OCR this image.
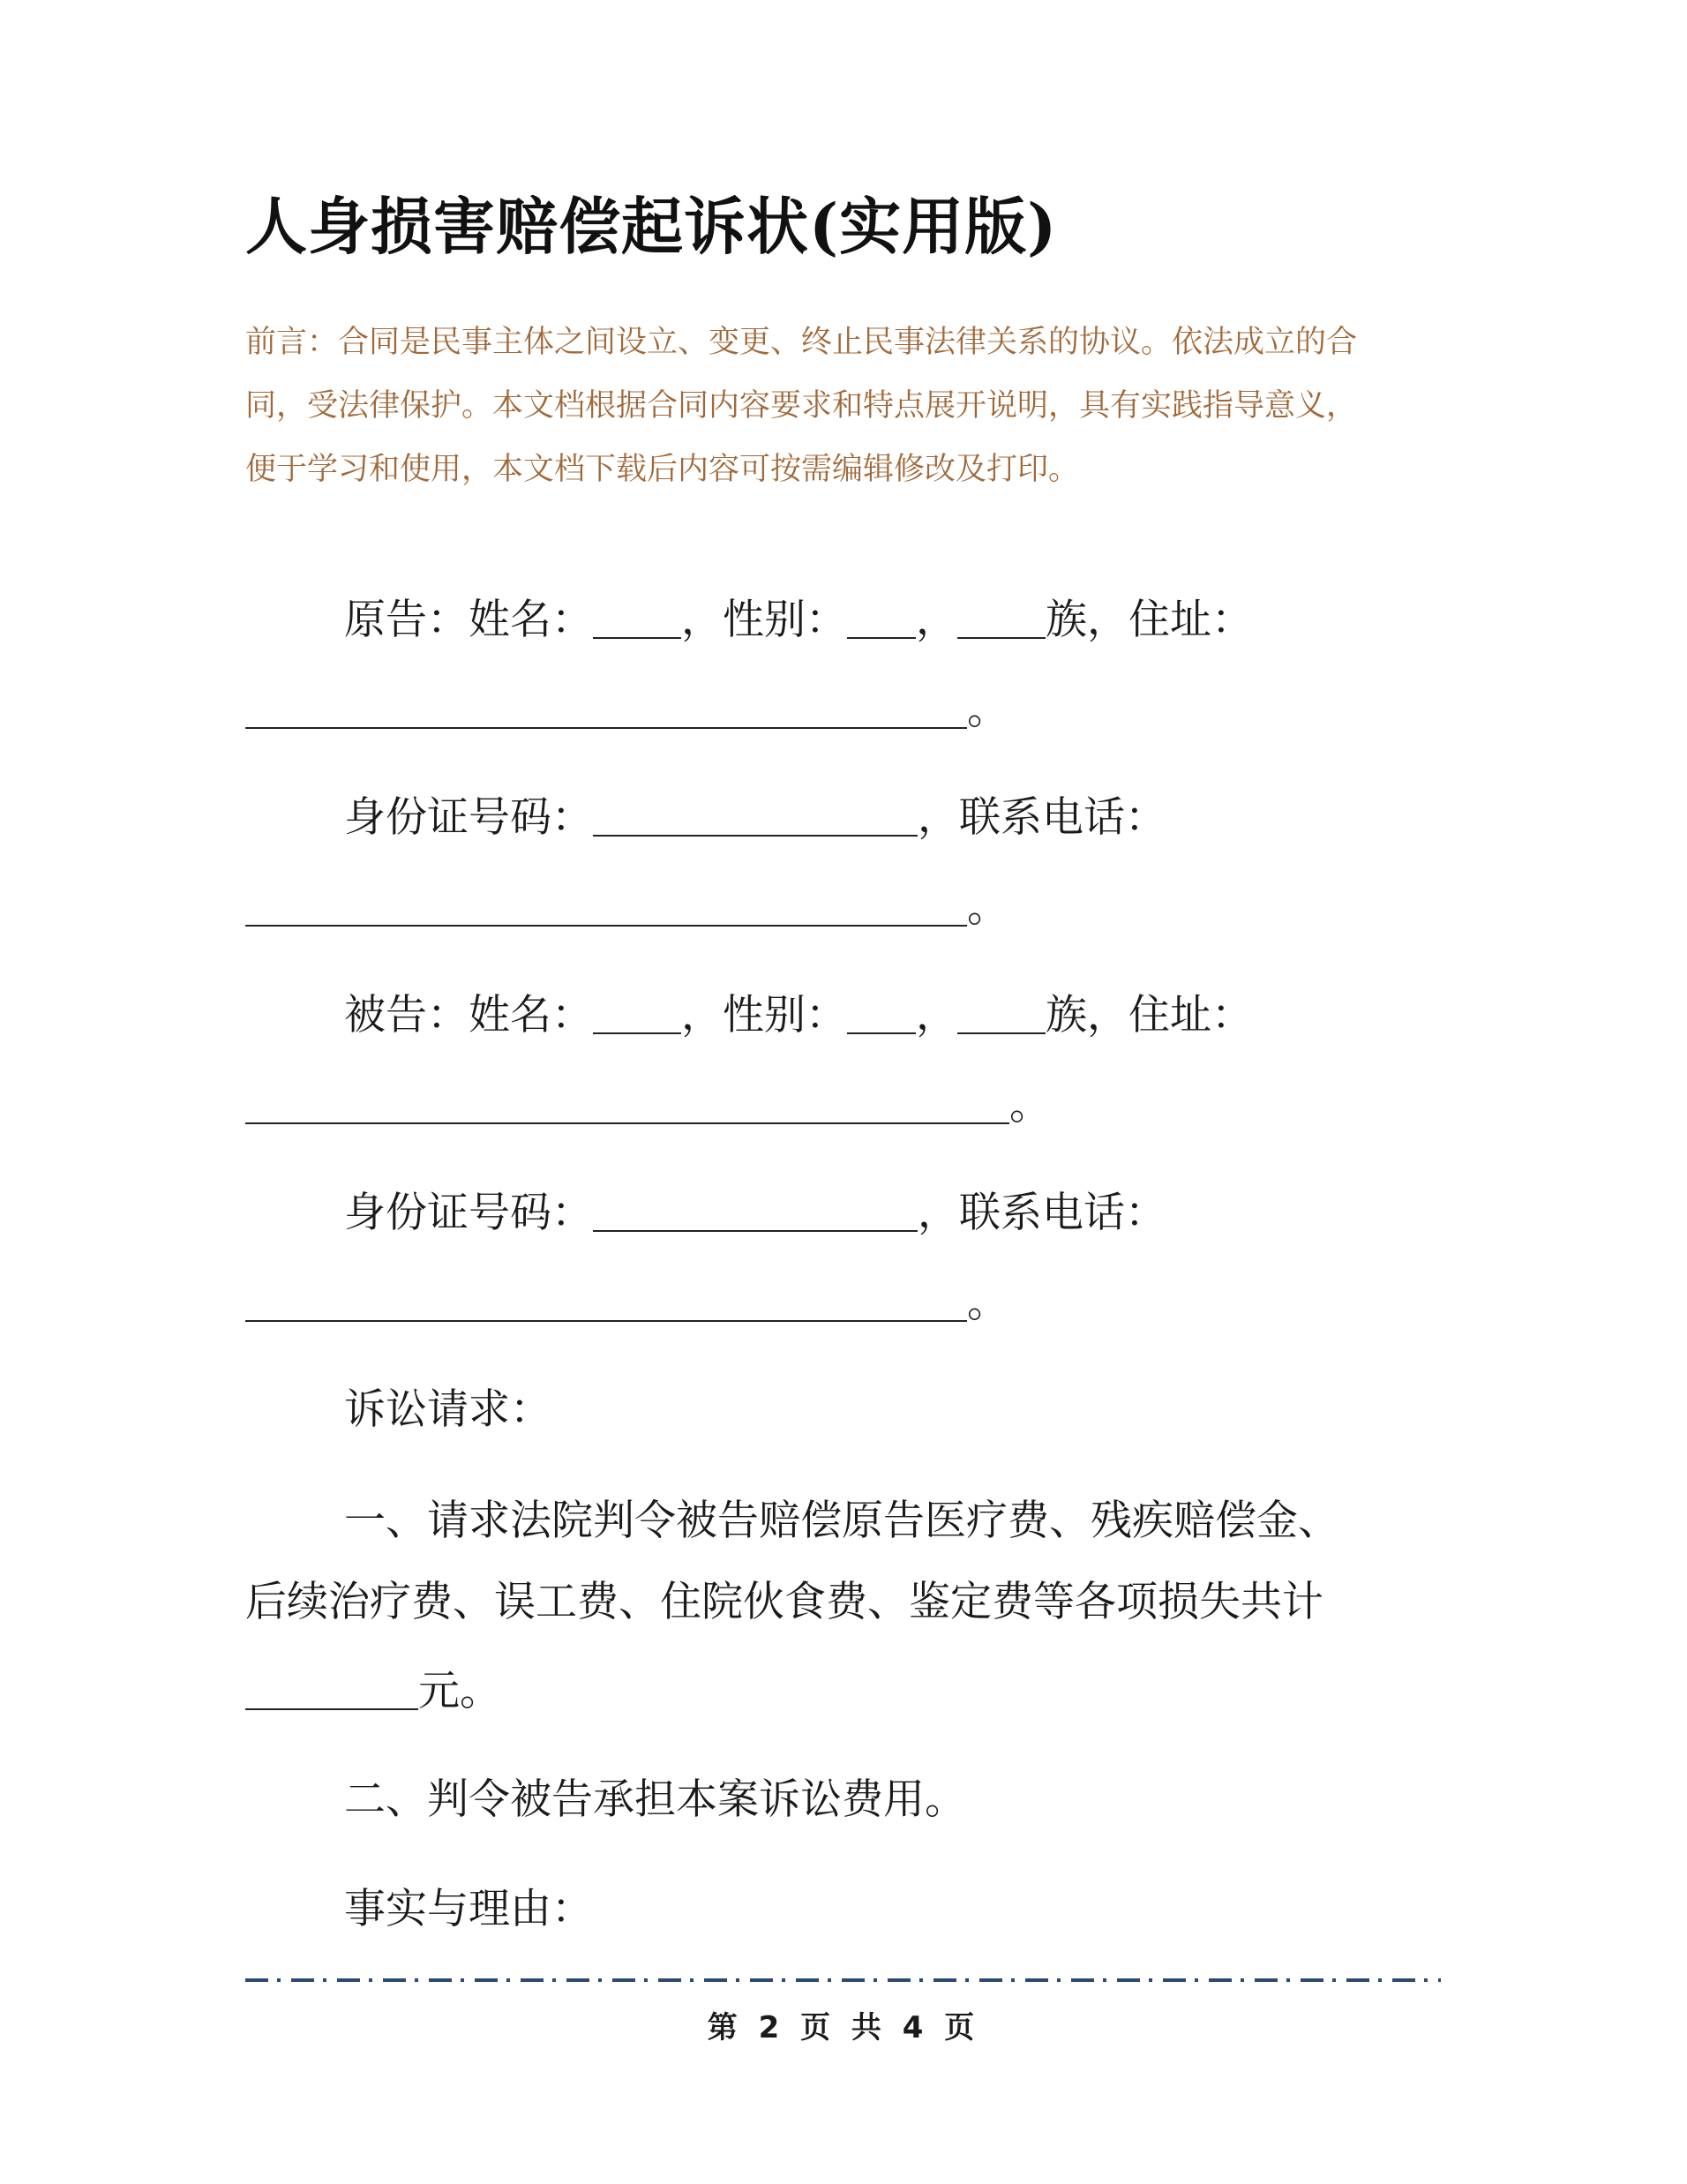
人身损害赔偿起诉状(实用版)
前言：合同是民事主体之间设立、变更、终止民事法律关系的协议。依法成立的合
同，受法律保护。本文档根据合同内容要求和特点展开说明，具有实践指导意义，
便于学习和使用，本文档下载后内容可按需编辑修改及打印。
原告：姓名： ，性别： ， 族，住址：
。
身份证号码：	，联系电话：
。
被告：姓名： ，性别： ， 族，住址：
。
身份证号码：	，联系电话：
。
诉讼请求：
一、请求法院判令被告赔偿原告医疗费、残疾赔偿金、
后续治疗费、误工费、住院伙食费、鉴定费等各项损失共计
元。
二、判令被告承担本案诉讼费用。
事实与理由：
第 2 页 共 4 页
